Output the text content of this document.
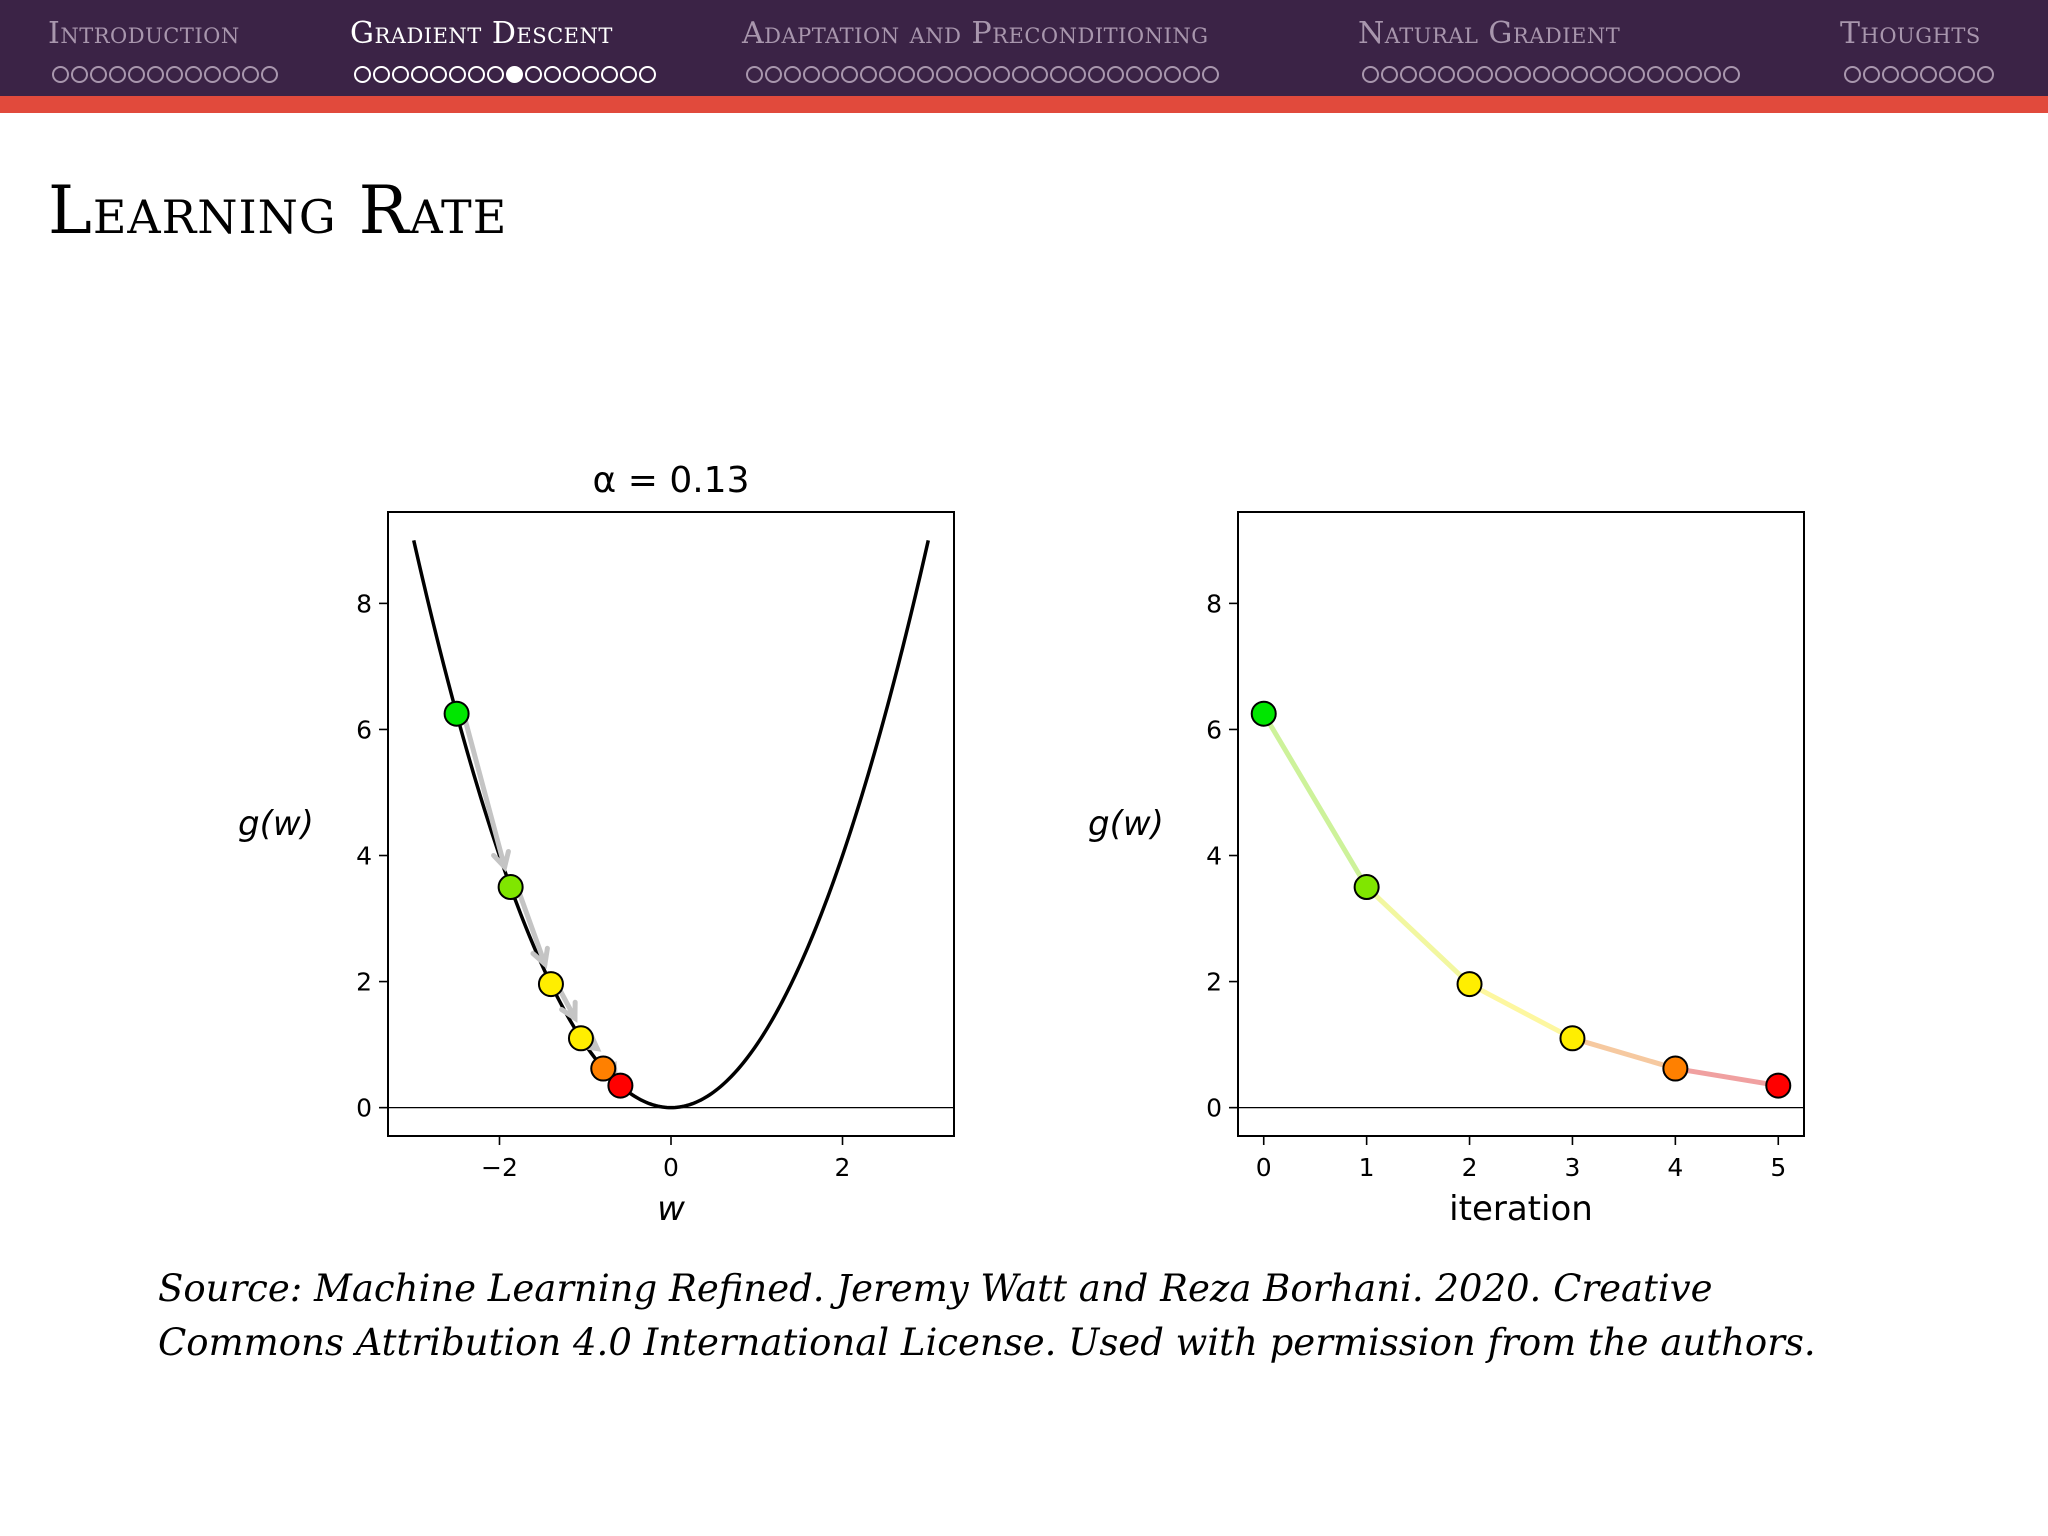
Introduction	Gradient Descent	Adaptation and Preconditioning	Natural Gradient	Thoughts
Learning Rate
0
2
4
6
8
−2	0	2
w
g(w)
α = 0.13
0
2
4
6
8
0	1	2	3	4	5
iteration
g(w)
Source: Machine Learning Refined. Jeremy Watt and Reza Borhani. 2020. Creative Commons Attribution 4.0 International License. Used with permission from the authors.
